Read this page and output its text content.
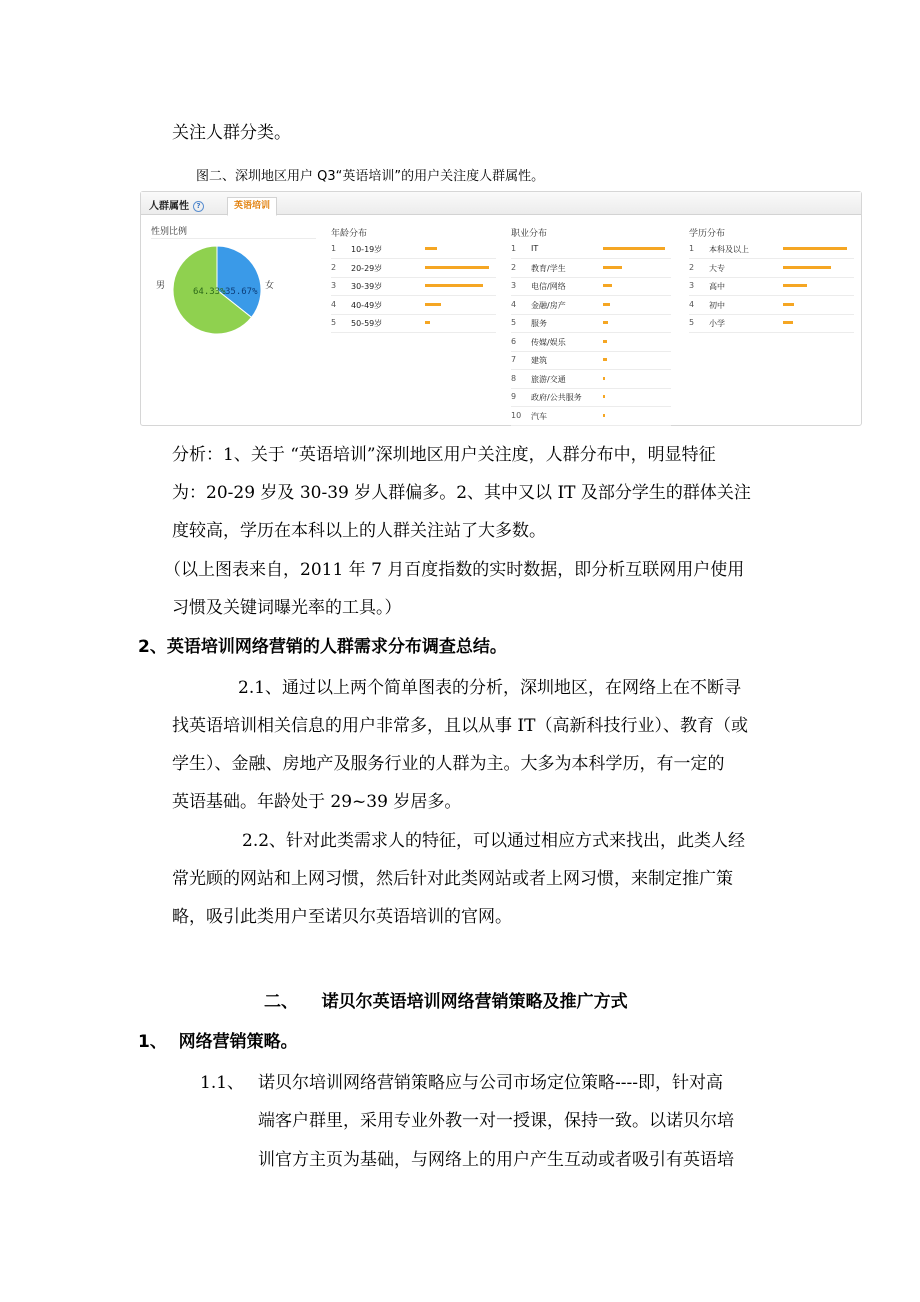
关注人群分类。
图二、深圳地区用户 Q3“英语培训”的用户关注度人群属性。
人群属性 ?	英语培训
性别比例
64.33% 35.67%
男	女
年龄分布	职业分布	学历分布
1 10-19岁
2 20-29岁
3 30-39岁
4 40-49岁
5 50-59岁
1 IT
2 教育/学生
3 电信/网络
4 金融/房产
5 服务
6 传媒/娱乐
7 建筑
8 旅游/交通
9 政府/公共服务
10 汽车
1 本科及以上
2 大专
3 高中
4 初中
5 小学
分析：1、关于 “英语培训”深圳地区用户关注度，人群分布中，明显特征
为：20-29 岁及 30-39 岁人群偏多。2、其中又以 IT 及部分学生的群体关注
度较高，学历在本科以上的人群关注站了大多数。
（以上图表来自，2011 年 7 月百度指数的实时数据，即分析互联网用户使用
习惯及关键词曝光率的工具。）
2、英语培训网络营销的人群需求分布调查总结。
2.1、通过以上两个简单图表的分析，深圳地区，在网络上在不断寻
找英语培训相关信息的用户非常多，且以从事 IT（高新科技行业）、教育（或
学生）、金融、房地产及服务行业的人群为主。大多为本科学历，有一定的
英语基础。年龄处于 29~39 岁居多。
2.2、针对此类需求人的特征，可以通过相应方式来找出，此类人经
常光顾的网站和上网习惯，然后针对此类网站或者上网习惯，来制定推广策
略，吸引此类用户至诺贝尔英语培训的官网。
二、    诺贝尔英语培训网络营销策略及推广方式
1、  网络营销策略。
1.1、 诺贝尔培训网络营销策略应与公司市场定位策略----即，针对高
端客户群里，采用专业外教一对一授课，保持一致。以诺贝尔培
训官方主页为基础，与网络上的用户产生互动或者吸引有英语培
